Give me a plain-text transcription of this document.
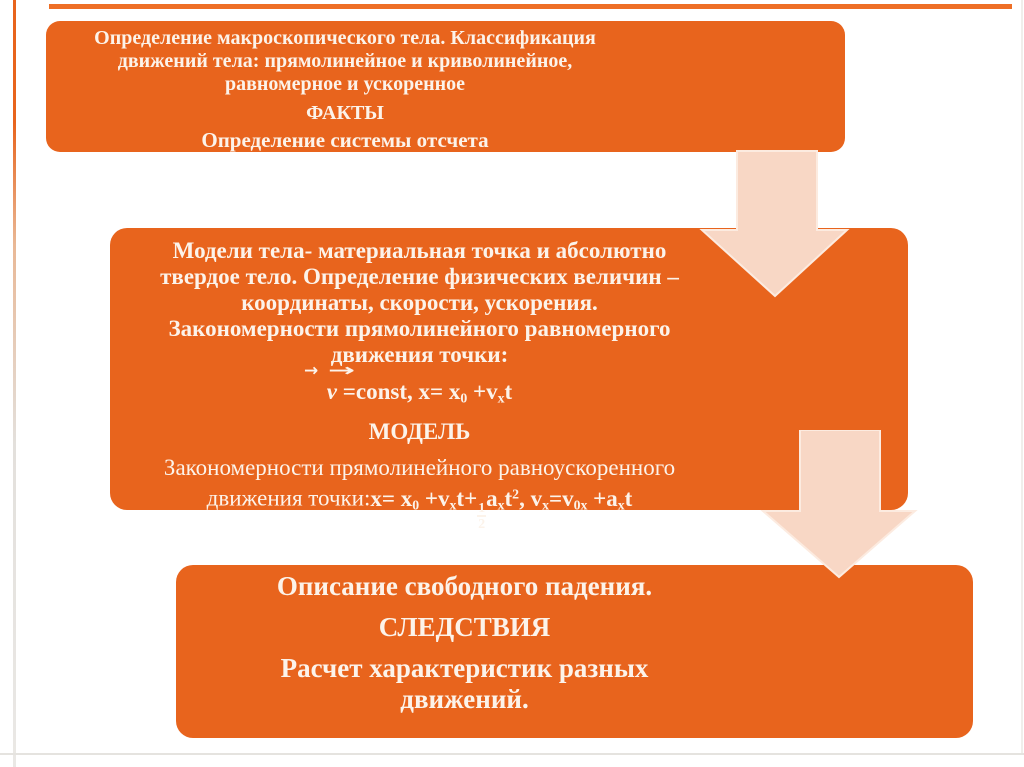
Определение макроскопического тела. Классификация
движений тела: прямолинейное и криволинейное,
равномерное и ускоренное
ФАКТЫ
Определение системы отсчета
Модели тела- материальная точка и абсолютно
твердое тело. Определение физических величин –
координаты, скорости, ускорения.
Закономерности прямолинейного равномерного
движения точки:
→ →
v =const, $x= x_0 +v_xt$
МОДЕЛЬ
Закономерности прямолинейного равноускоренного
движения точки:x= $x_0 +v_xt+$
$\frac{1}{2}$
$a_xt^2$, $v_x=v_{0x} +a_xt$
Описание свободного падения.
СЛЕДСТВИЯ
Расчет характеристик разных
движений.
